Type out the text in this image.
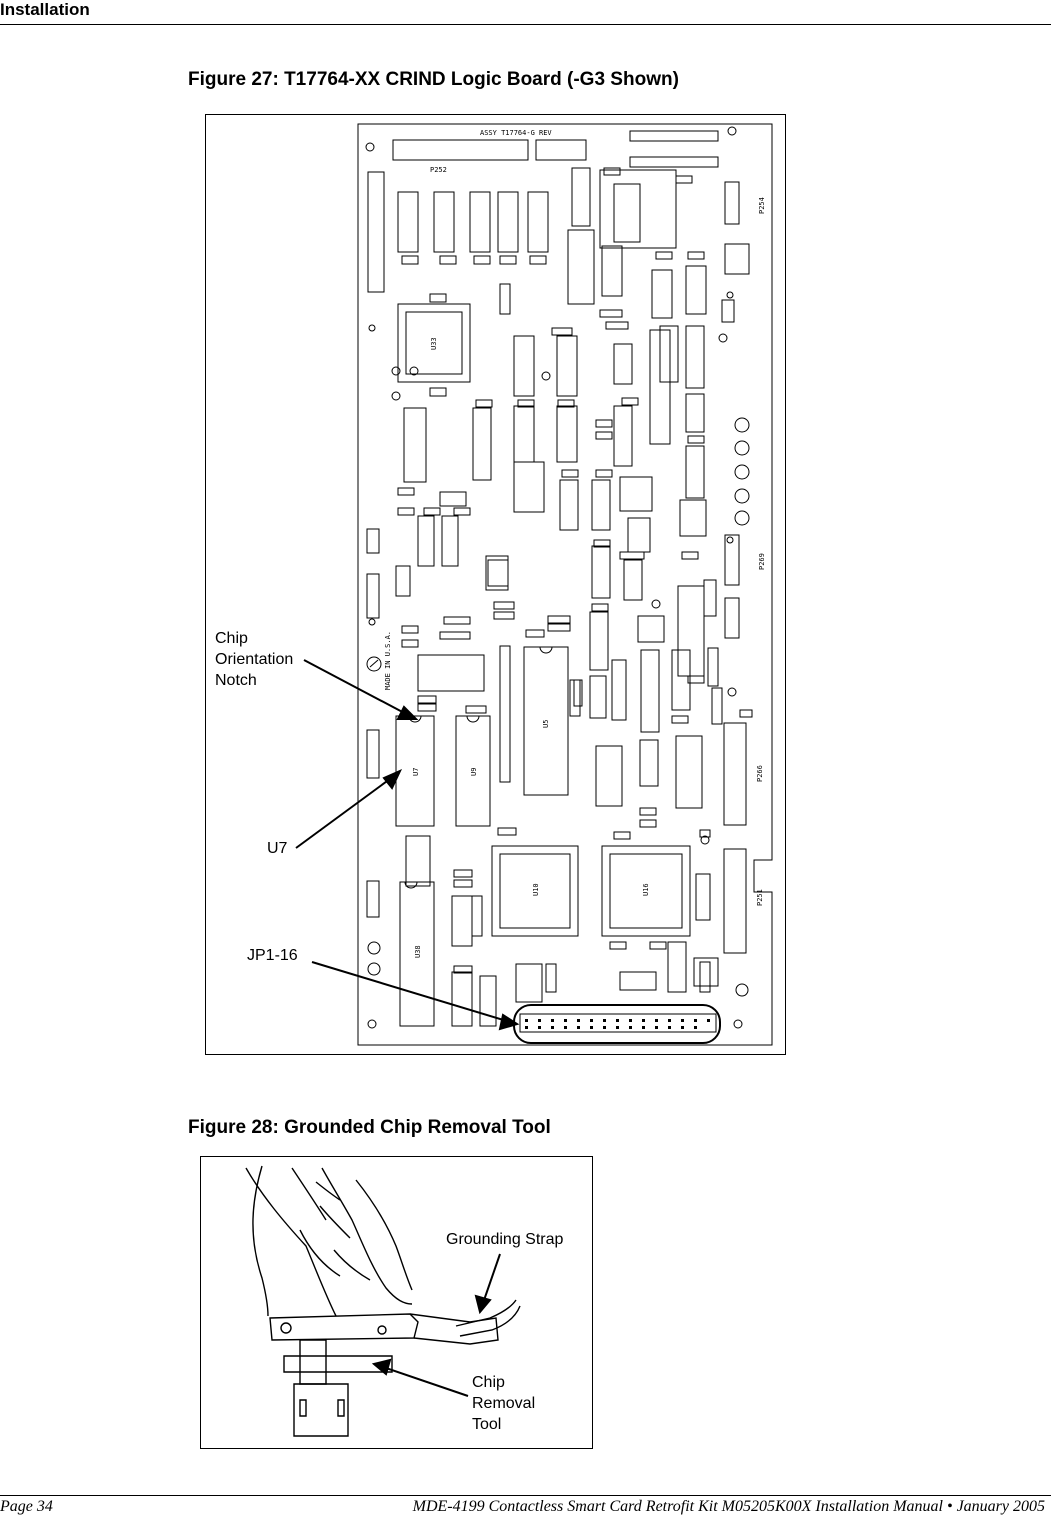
Installation
Figure 27: T17764-XX CRIND Logic Board (-G3 Shown)
ASSY T17764-G REV
MADE IN U.S.A.
U5
U7	U9
U10	U16
U33
U38
P266
P251
P269
P254
P252
Chip
Orientation
Notch
U7
JP1-16
Figure 28: Grounded Chip Removal Tool
Grounding Strap
Chip
Removal
Tool
Page 34	MDE-4199 Contactless Smart Card Retrofit Kit M05205K00X Installation Manual • January 2005
